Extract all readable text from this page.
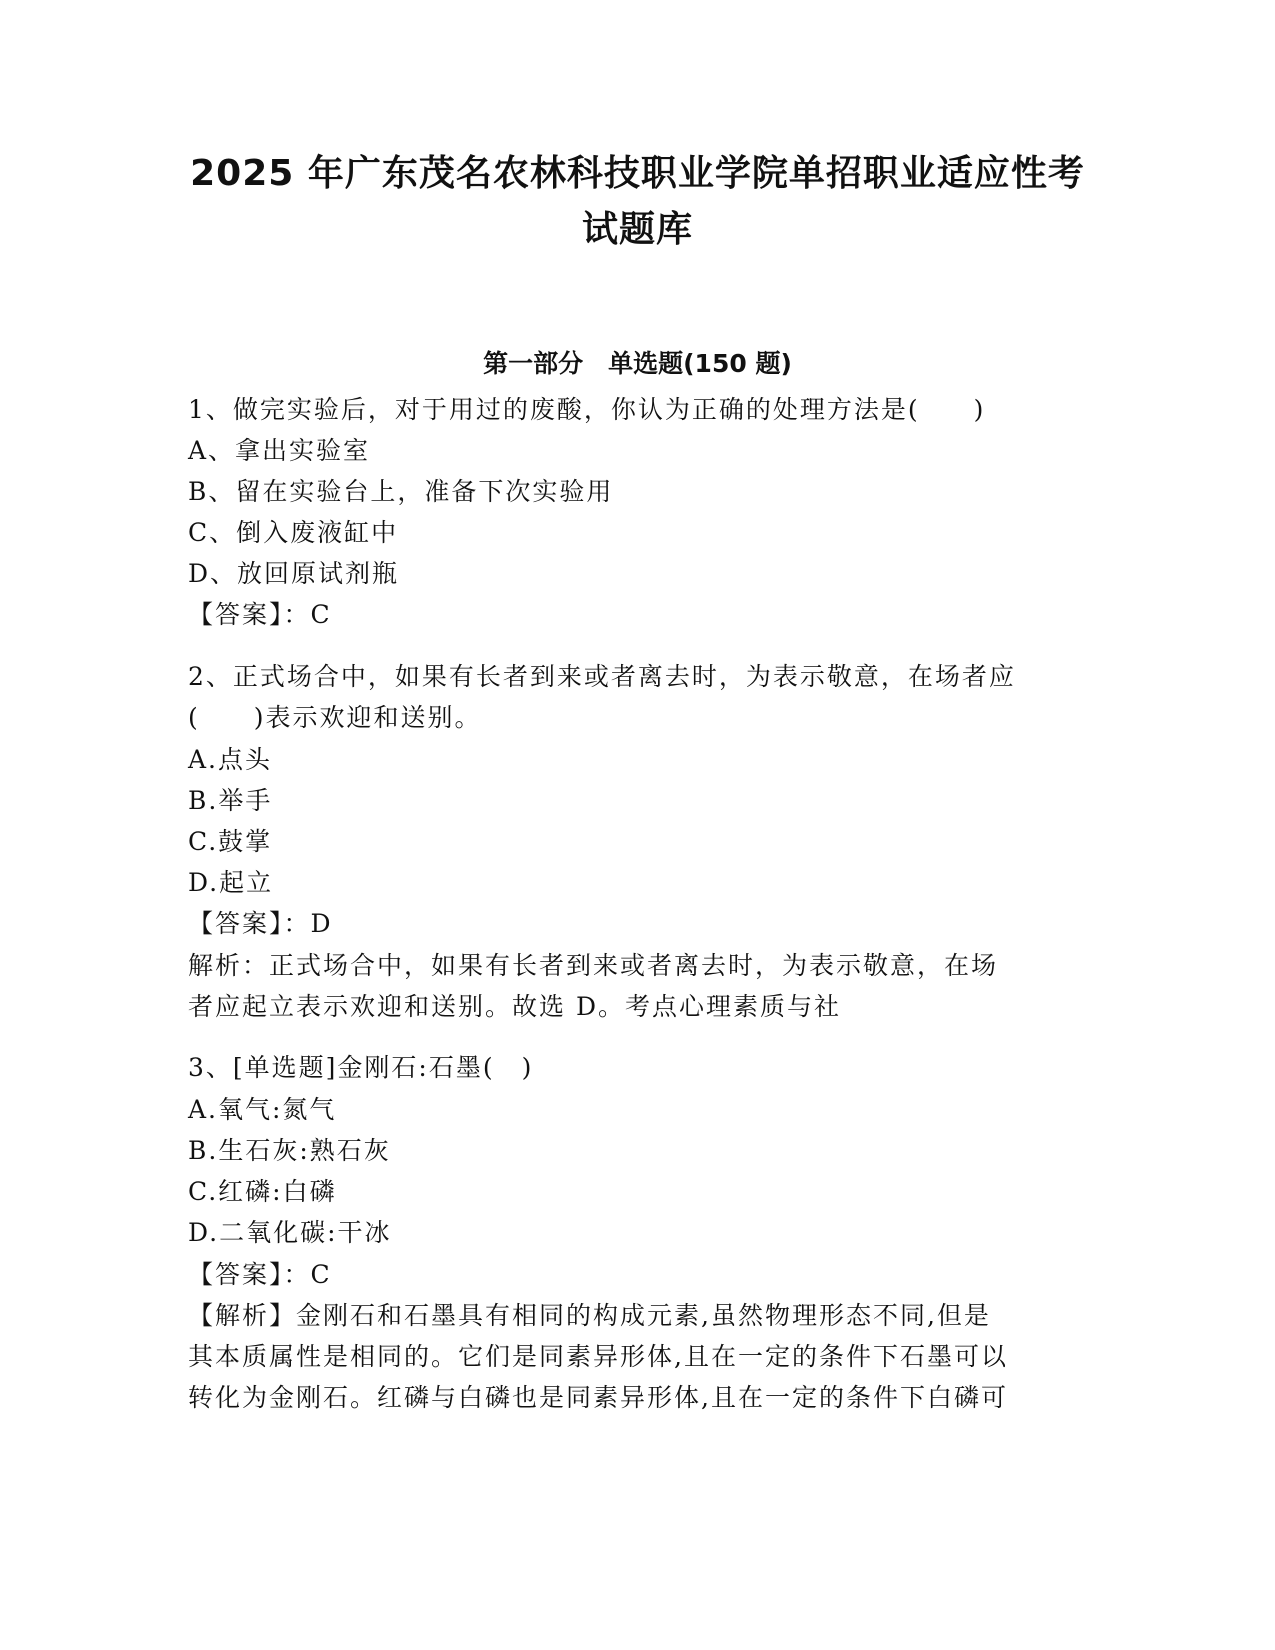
2025 年广东茂名农林科技职业学院单招职业适应性考
试题库
第一部分　单选题(150 题)

1、做完实验后，对于用过的废酸，你认为正确的处理方法是(　　)

A、拿出实验室

B、留在实验台上，准备下次实验用

C、倒入废液缸中

D、放回原试剂瓶

【答案】：C

2、正式场合中，如果有长者到来或者离去时，为表示敬意，在场者应

(　　)表示欢迎和送别。

A.点头

B.举手

C.鼓掌

D.起立

【答案】：D

解析：正式场合中，如果有长者到来或者离去时，为表示敬意，在场

者应起立表示欢迎和送别。故选 D。考点心理素质与社

3、[单选题]金刚石:石墨(　)

A.氧气:氮气

B.生石灰:熟石灰

C.红磷:白磷

D.二氧化碳:干冰

【答案】：C

【解析】金刚石和石墨具有相同的构成元素,虽然物理形态不同,但是

其本质属性是相同的。它们是同素异形体,且在一定的条件下石墨可以

转化为金刚石。红磷与白磷也是同素异形体,且在一定的条件下白磷可
